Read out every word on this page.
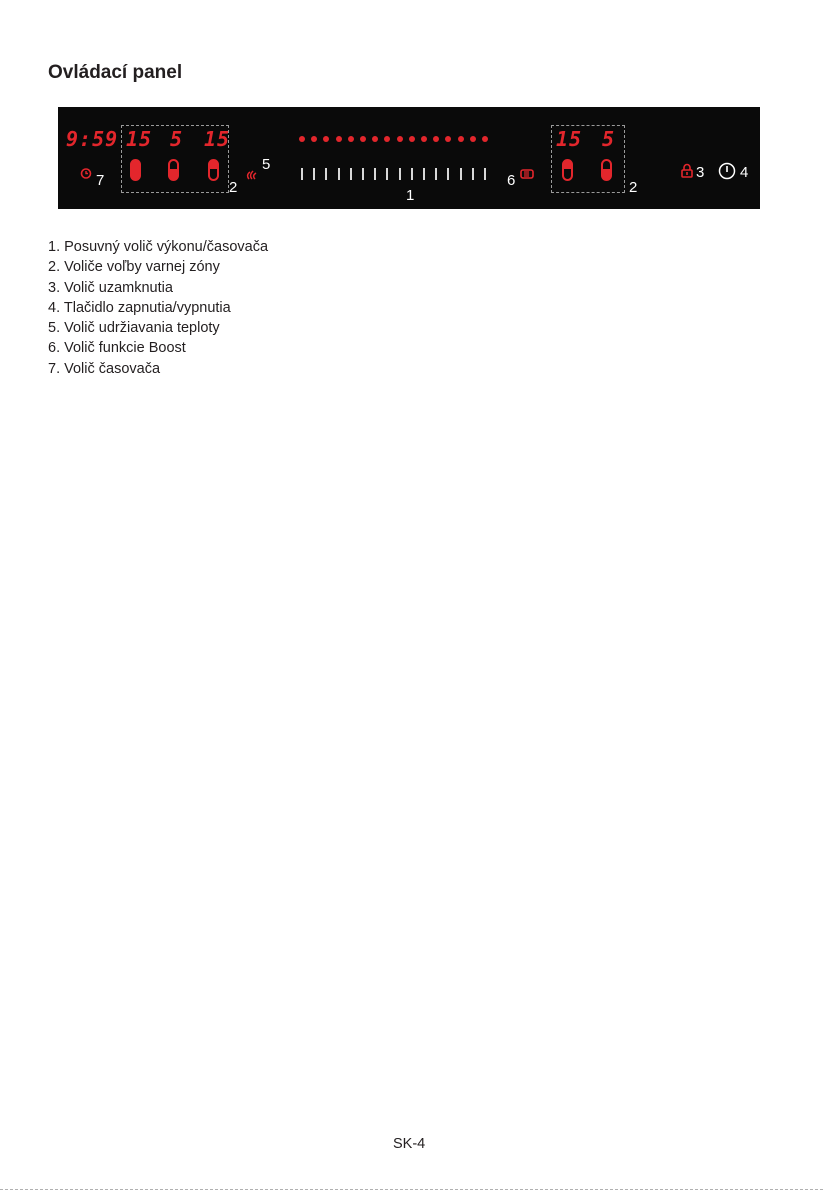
Ovládací panel
9:59 15 5 15
7	2
5
1
6
15 5
2
3 4
1. Posuvný volič výkonu/časovača
2. Voliče voľby varnej zóny
3. Volič uzamknutia
4. Tlačidlo zapnutia/vypnutia
5. Volič udržiavania teploty
6. Volič funkcie Boost
7. Volič časovača
SK-4
